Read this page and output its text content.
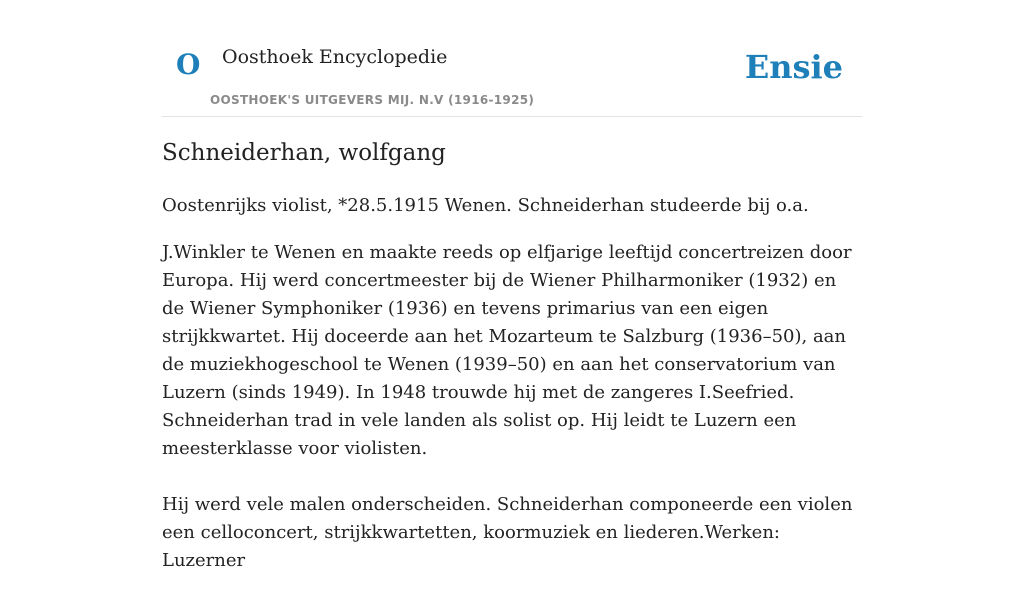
O Oosthoek Encyclopedie
OOSTHOEK'S UITGEVERS MIJ. N.V (1916-1925)
Ensie
Schneiderhan, wolfgang

Oostenrijks violist, *28.5.1915 Wenen. Schneiderhan studeerde bij o.a.

J.Winkler te Wenen en maakte reeds op elfjarige leeftijd concertreizen door Europa. Hij werd concertmeester bij de Wiener Philharmoniker (1932) en de Wiener Symphoniker (1936) en tevens primarius van een eigen strijkkwartet. Hij doceerde aan het Mozarteum te Salzburg (1936–50), aan de muziekhogeschool te Wenen (1939–50) en aan het conservatorium van Luzern (sinds 1949). In 1948 trouwde hij met de zangeres I.Seefried. Schneiderhan trad in vele landen als solist op. Hij leidt te Luzern een meesterklasse voor violisten.

Hij werd vele malen onderscheiden. Schneiderhan componeerde een violen een celloconcert, strijkkwartetten, koormuziek en liederen.Werken: Luzerner
